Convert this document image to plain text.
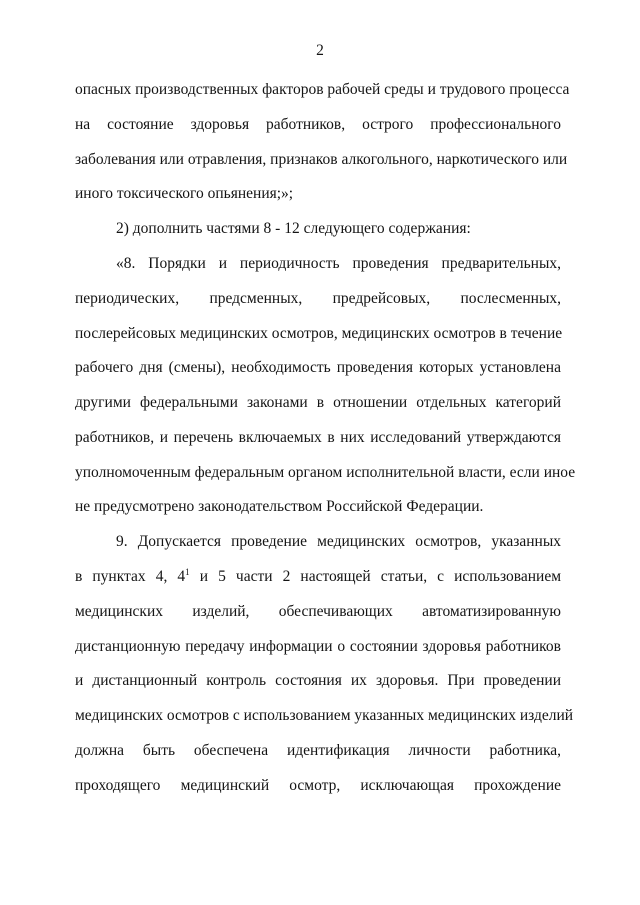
2
опасных производственных факторов рабочей среды и трудового процесса
на состояние здоровья работников, острого профессионального
заболевания или отравления, признаков алкогольного, наркотического или
иного токсического опьянения;»;
2) дополнить частями 8 - 12 следующего содержания:
«8. Порядки и периодичность проведения предварительных,
периодических, предсменных, предрейсовых, послесменных,
послерейсовых медицинских осмотров, медицинских осмотров в течение
рабочего дня (смены), необходимость проведения которых установлена
другими федеральными законами в отношении отдельных категорий
работников, и перечень включаемых в них исследований утверждаются
уполномоченным федеральным органом исполнительной власти, если иное
не предусмотрено законодательством Российской Федерации.
9. Допускается проведение медицинских осмотров, указанных
в пунктах 4, $4^1$ и 5 части 2 настоящей статьи, с использованием
медицинских изделий, обеспечивающих автоматизированную
дистанционную передачу информации о состоянии здоровья работников
и дистанционный контроль состояния их здоровья. При проведении
медицинских осмотров с использованием указанных медицинских изделий
должна быть обеспечена идентификация личности работника,
проходящего медицинский осмотр, исключающая прохождение
